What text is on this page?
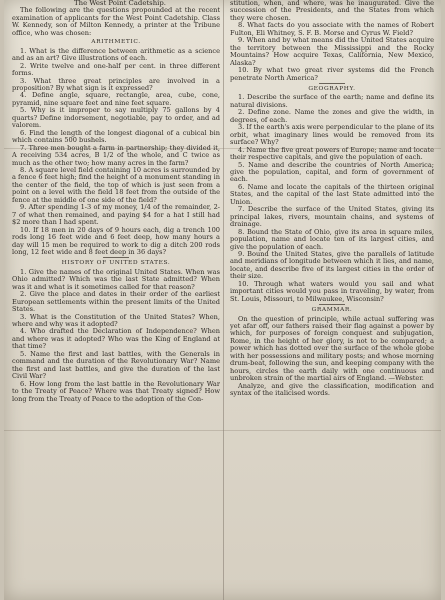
The West Point Cadetship.

The following are the questions propounded at the recent examination of applicants for the West Point Cadetship. Class W. Kennedy, son of Milton Kennedy, a printer at the Tribune office, who was chosen:

ARITHMETIC.

1. What is the difference between arithmetic as a science and as an art? Give illustrations of each.

2. Write twelve and one-half per cent. in three different forms.

3. What three great principles are involved in a proposition? By what sign is it expressed?

4. Define angle, square, rectangle, area, cube, cone, pyramid, nine square feet and nine feet square.

5. Why is it improper to say multiply 75 gallons by 4 quarts? Define indorsement, negotiable, pay to order, and ad valorem.

6. Find the length of the longest diagonal of a cubical bin which contains 500 bushels.

7. Three men bought a farm in partnership; they divided it, A receiving 534 acres, B 1/2 of the whole, and C twice as much as the other two; how many acres in the farm?

8. A square level field containing 10 acres is surrounded by a fence 6 feet high; find the height of a monument standing in the center of the field, the top of which is just seen from a point on a level with the field 18 feet from the outside of the fence at the middle of one side of the field?

9. After spending 1-3 of my money, 1/4 of the remainder, 2-7 of what then remained, and paying $4 for a hat I still had $2 more than I had spent.

10. If 18 men in 20 days of 9 hours each, dig a trench 100 rods long 16 feet wide and 6 feet deep, how many hours a day will 15 men be required to work to dig a ditch 200 rods long, 12 feet wide and 8 feet deep in 36 days?

HISTORY OF UNITED STATES.

1. Give the names of the original United States. When was Ohio admitted? Which was the last State admitted? When was it and what is it sometimes called for that reason?

2. Give the place and dates in their order of the earliest European settlements within the present limits of the United States.

3. What is the Constitution of the United States? When, where and why was it adopted?

4. Who drafted the Declaration of Independence? When and where was it adopted? Who was the King of England at that time?

5. Name the first and last battles, with the Generals in command and the duration of the Revolutionary War? Name the first and last battles, and give the duration of the last Civil War?

6. How long from the last battle in the Revolutionary War to the Treaty of Peace? Where was that Treaty signed? How long from the Treaty of Peace to the adoption of the Con-

stitution, when, and where, was he inaugurated. Give the succession of the Presidents, and the States from which they were chosen.

8. What facts do you associate with the names of Robert Fulton, Eli Whitney, S. F. B. Morse and Cyrus W. Field?

9. When and by what means did the United States acquire the territory between the Mississippi and the Rocky Mountains? How acquire Texas, California, New Mexico, Alaska?

10. By what two great river systems did the French penetrate North America?

GEOGRAPHY.

1. Describe the surface of the earth; name and define its natural divisions.

2. Define zone. Name the zones and give the width, in degrees, of each.

3. If the earth's axis were perpendicular to the plane of its orbit, what imaginary lines would be removed from its surface? Why?

4. Name the five great powers of Europe; name and locate their respective capitals, and give the population of each.

5. Name and describe the countries of North America; give the population, capital, and form of government of each.

6. Name and locate the capitals of the thirteen original States, and the capital of the last State admitted into the Union.

7. Describe the surface of the United States, giving its principal lakes, rivers, mountain chains, and systems of drainage.

8. Bound the State of Ohio, give its area in square miles, population, name and locate ten of its largest cities, and give the population of each.

9. Bound the United States, give the parallels of latitude and meridians of longitude between which it lies, and name, locate, and describe five of its largest cities in the order of their size.

10. Through what waters would you sail and what important cities would you pass in traveling, by water, from St. Louis, Missouri, to Milwaukee, Wisconsin?

GRAMMAR.

On the question of principle, while actual suffering was yet afar off, our fathers raised their flag against a power by which, for purposes of foreign conquest and subjugation, Rome, in the height of her glory, is not to be compared; a power which has dotted over the surface of the whole globe with her possessions and military posts; and whose morning drum-beat, following the sun, and keeping company with the hours, circles the earth daily with one continuous and unbroken strain of the martial airs of England. —Webster.

Analyze, and give the classification, modification and syntax of the italicised words.
